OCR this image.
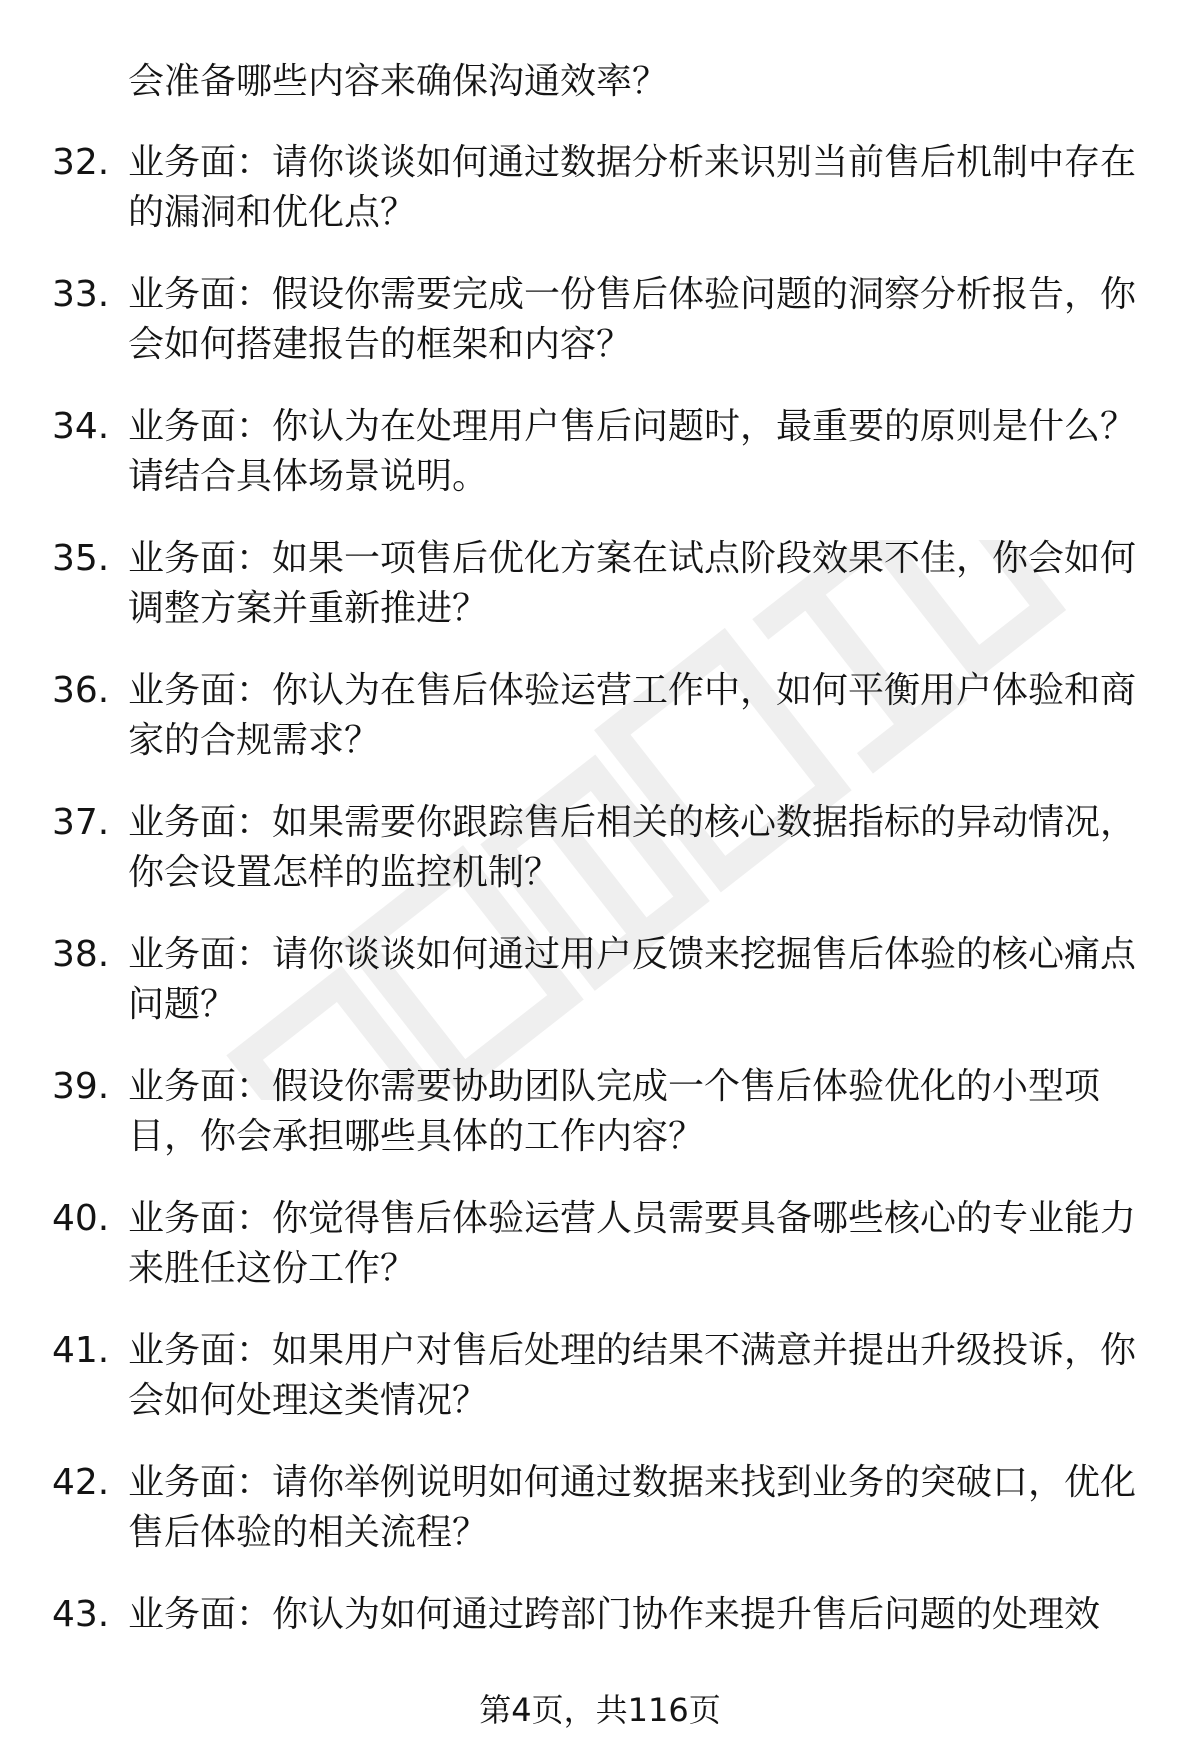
会准备哪些内容来确保沟通效率？

32. 业务面：请你谈谈如何通过数据分析来识别当前售后机制中存在
的漏洞和优化点？

33. 业务面：假设你需要完成一份售后体验问题的洞察分析报告，你
会如何搭建报告的框架和内容？

34. 业务面：你认为在处理用户售后问题时，最重要的原则是什么？
请结合具体场景说明。

35. 业务面：如果一项售后优化方案在试点阶段效果不佳，你会如何
调整方案并重新推进？

36. 业务面：你认为在售后体验运营工作中，如何平衡用户体验和商
家的合规需求？

37. 业务面：如果需要你跟踪售后相关的核心数据指标的异动情况，
你会设置怎样的监控机制？

38. 业务面：请你谈谈如何通过用户反馈来挖掘售后体验的核心痛点
问题？

39. 业务面：假设你需要协助团队完成一个售后体验优化的小型项
目，你会承担哪些具体的工作内容？

40. 业务面：你觉得售后体验运营人员需要具备哪些核心的专业能力
来胜任这份工作？

41. 业务面：如果用户对售后处理的结果不满意并提出升级投诉，你
会如何处理这类情况？

42. 业务面：请你举例说明如何通过数据来找到业务的突破口，优化
售后体验的相关流程？

43. 业务面：你认为如何通过跨部门协作来提升售后问题的处理效

第4页，共116页
